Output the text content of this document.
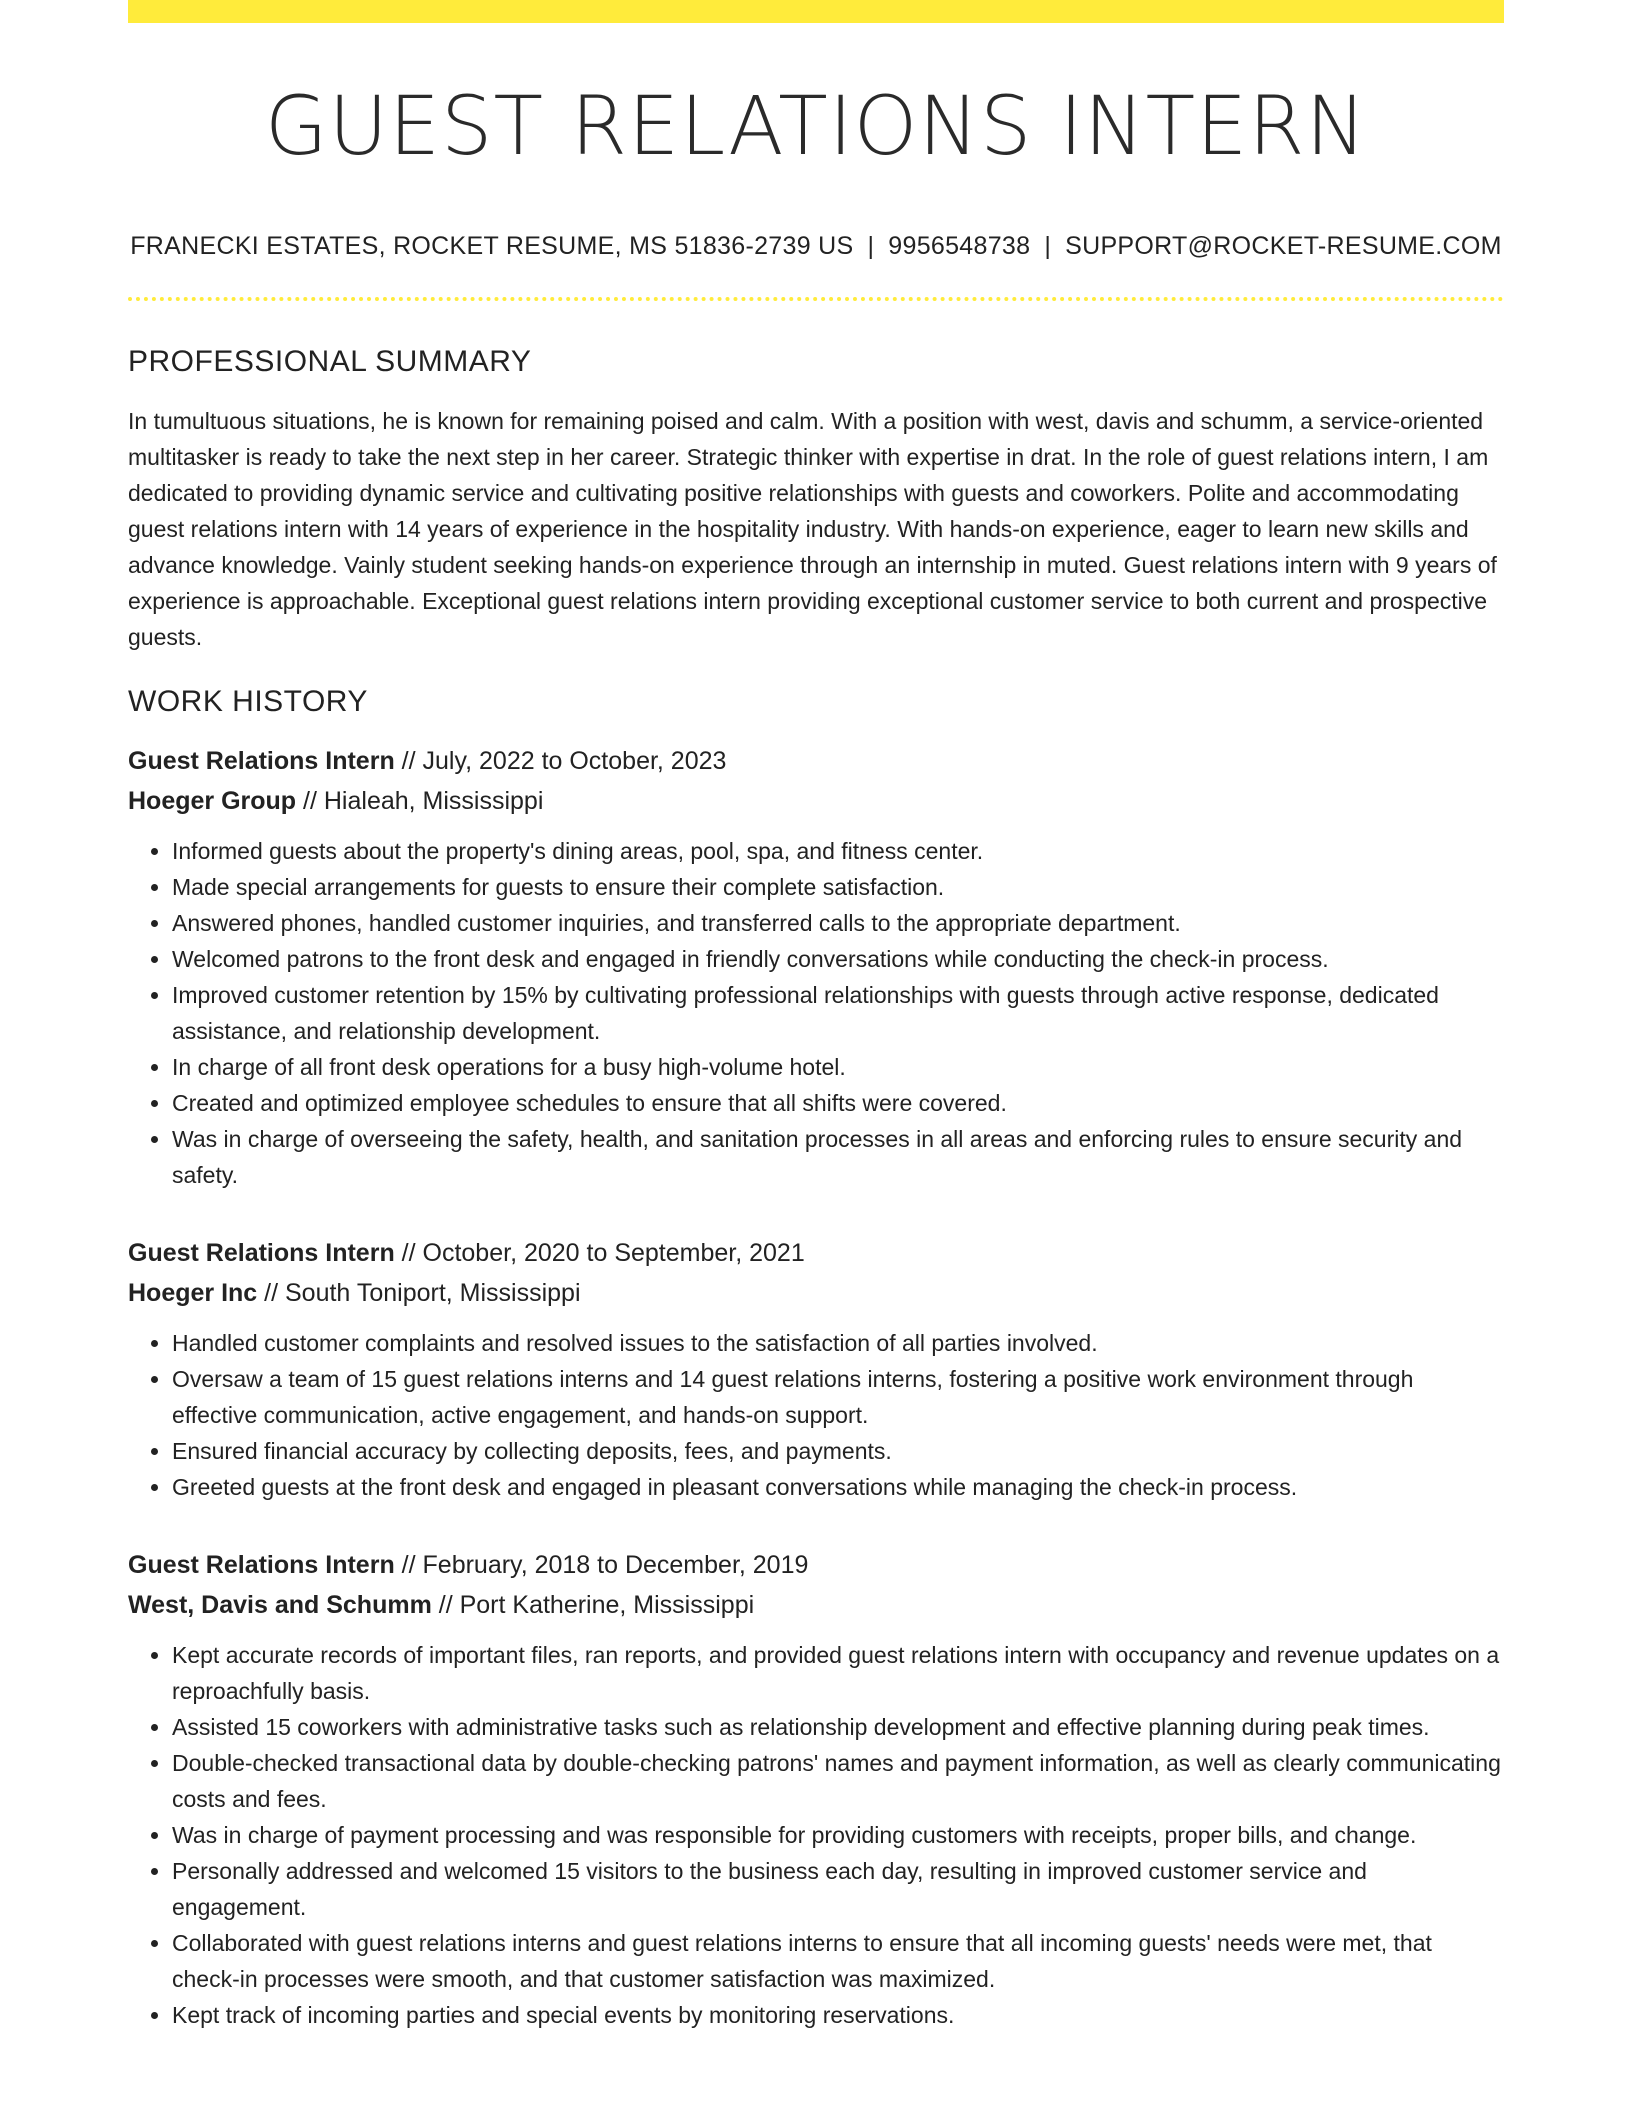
GUEST RELATIONS INTERN
FRANECKI ESTATES, ROCKET RESUME, MS 51836-2739 US | 9956548738 | SUPPORT@ROCKET-RESUME.COM
PROFESSIONAL SUMMARY

In tumultuous situations, he is known for remaining poised and calm. With a position with west, davis and schumm, a service-oriented multitasker is ready to take the next step in her career. Strategic thinker with expertise in drat. In the role of guest relations intern, I am dedicated to providing dynamic service and cultivating positive relationships with guests and coworkers. Polite and accommodating guest relations intern with 14 years of experience in the hospitality industry. With hands-on experience, eager to learn new skills and advance knowledge. Vainly student seeking hands-on experience through an internship in muted. Guest relations intern with 9 years of experience is approachable. Exceptional guest relations intern providing exceptional customer service to both current and prospective guests.

WORK HISTORY
Guest Relations Intern // July, 2022 to October, 2023
Hoeger Group // Hialeah, Mississippi
• Informed guests about the property's dining areas, pool, spa, and fitness center.
• Made special arrangements for guests to ensure their complete satisfaction.
• Answered phones, handled customer inquiries, and transferred calls to the appropriate department.
• Welcomed patrons to the front desk and engaged in friendly conversations while conducting the check-in process.
• Improved customer retention by 15% by cultivating professional relationships with guests through active response, dedicated assistance, and relationship development.
• In charge of all front desk operations for a busy high-volume hotel.
• Created and optimized employee schedules to ensure that all shifts were covered.
• Was in charge of overseeing the safety, health, and sanitation processes in all areas and enforcing rules to ensure security and safety.
Guest Relations Intern // October, 2020 to September, 2021
Hoeger Inc // South Toniport, Mississippi
• Handled customer complaints and resolved issues to the satisfaction of all parties involved.
• Oversaw a team of 15 guest relations interns and 14 guest relations interns, fostering a positive work environment through effective communication, active engagement, and hands-on support.
• Ensured financial accuracy by collecting deposits, fees, and payments.
• Greeted guests at the front desk and engaged in pleasant conversations while managing the check-in process.
Guest Relations Intern // February, 2018 to December, 2019
West, Davis and Schumm // Port Katherine, Mississippi
• Kept accurate records of important files, ran reports, and provided guest relations intern with occupancy and revenue updates on a reproachfully basis.
• Assisted 15 coworkers with administrative tasks such as relationship development and effective planning during peak times.
• Double-checked transactional data by double-checking patrons' names and payment information, as well as clearly communicating costs and fees.
• Was in charge of payment processing and was responsible for providing customers with receipts, proper bills, and change.
• Personally addressed and welcomed 15 visitors to the business each day, resulting in improved customer service and engagement.
• Collaborated with guest relations interns and guest relations interns to ensure that all incoming guests' needs were met, that check-in processes were smooth, and that customer satisfaction was maximized.
• Kept track of incoming parties and special events by monitoring reservations.
